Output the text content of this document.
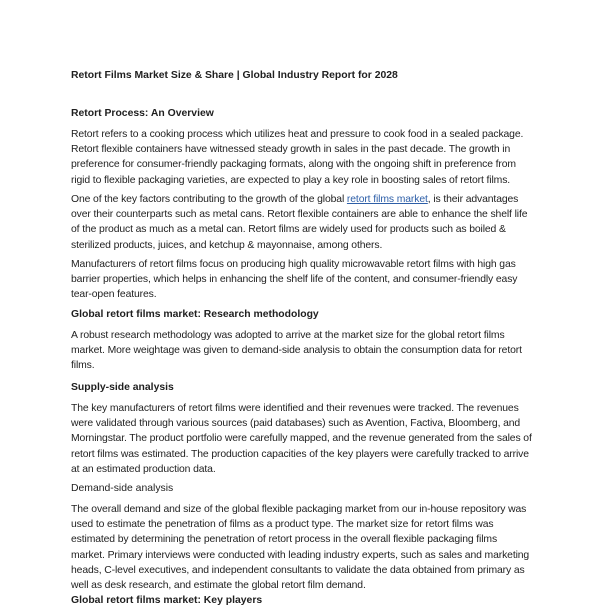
Retort Films Market Size & Share | Global Industry Report for 2028
Retort Process: An Overview
Retort refers to a cooking process which utilizes heat and pressure to cook food in a sealed package. Retort flexible containers have witnessed steady growth in sales in the past decade. The growth in preference for consumer-friendly packaging formats, along with the ongoing shift in preference from rigid to flexible packaging varieties, are expected to play a key role in boosting sales of retort films.
One of the key factors contributing to the growth of the global retort films market, is their advantages over their counterparts such as metal cans. Retort flexible containers are able to enhance the shelf life of the product as much as a metal can. Retort films are widely used for products such as boiled & sterilized products, juices, and ketchup & mayonnaise, among others.
Manufacturers of retort films focus on producing high quality microwavable retort films with high gas barrier properties, which helps in enhancing the shelf life of the content, and consumer-friendly easy tear-open features.
Global retort films market: Research methodology
A robust research methodology was adopted to arrive at the market size for the global retort films market. More weightage was given to demand-side analysis to obtain the consumption data for retort films.
Supply-side analysis
The key manufacturers of retort films were identified and their revenues were tracked. The revenues were validated through various sources (paid databases) such as Avention, Factiva, Bloomberg, and Morningstar. The product portfolio were carefully mapped, and the revenue generated from the sales of retort films was estimated. The production capacities of the key players were carefully tracked to arrive at an estimated production data.
Demand-side analysis
The overall demand and size of the global flexible packaging market from our in-house repository was used to estimate the penetration of films as a product type. The market size for retort films was estimated by determining the penetration of retort process in the overall flexible packaging films market. Primary interviews were conducted with leading industry experts, such as sales and marketing heads, C-level executives, and independent consultants to validate the data obtained from primary as well as desk research, and estimate the global retort film demand.
Global retort films market: Key players
